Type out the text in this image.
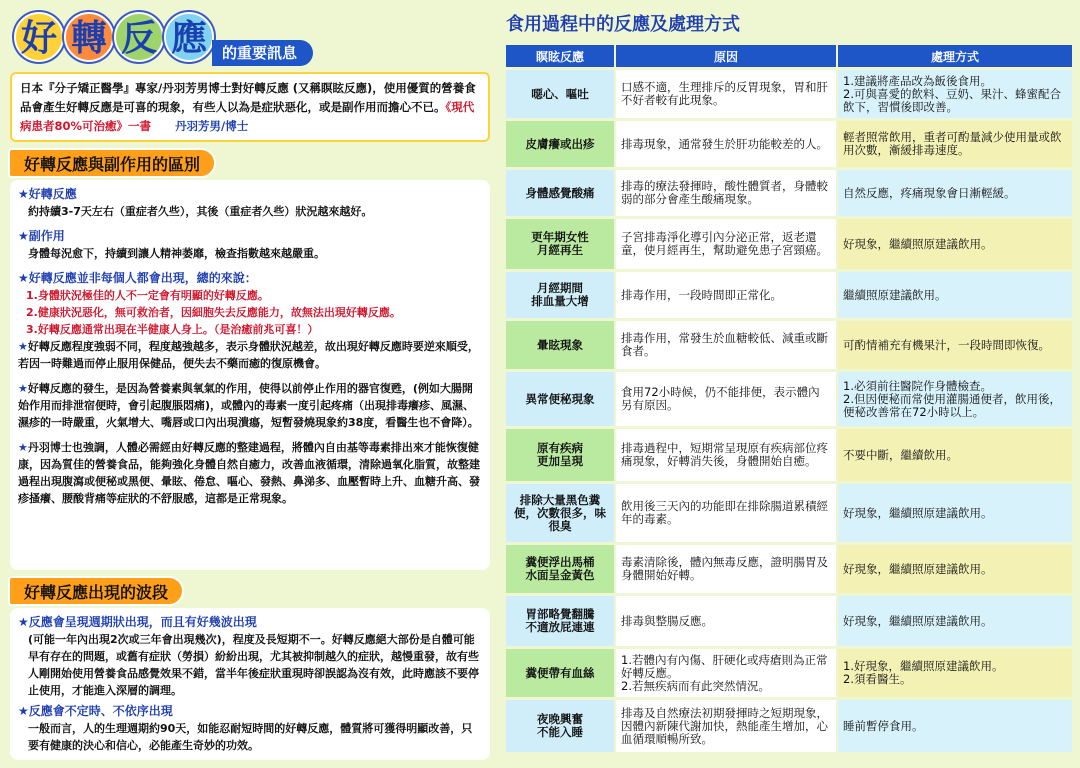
好 轉 反 應	的重要訊息
日本『分子矯正醫學』專家/丹羽芳男博士對好轉反應 (又稱瞑眩反應)，使用優質的營養食品會產生好轉反應是可喜的現象，有些人以為是症狀惡化，或是副作用而擔心不已。《現代病患者80%可治癒》一書 丹羽芳男/博士
好轉反應與副作用的區別
★好轉反應
約持續3-7天左右（重症者久些），其後（重症者久些）狀況越來越好。
★副作用
身體每況愈下，持續到讓人精神萎靡，檢查指數越來越嚴重。
★好轉反應並非每個人都會出現，總的來說：
1.身體狀況極佳的人不一定會有明顯的好轉反應。
2.健康狀況惡化，無可救治者，因細胞失去反應能力，故無法出現好轉反應。
3.好轉反應通常出現在半健康人身上。（是治癒前兆可喜！）
★好轉反應程度強弱不同，程度越強越多，表示身體狀況越差，故出現好轉反應時要逆來順受，若因一時難過而停止服用保健品，便失去不藥而癒的復原機會。
★好轉反應的發生，是因為營養素與氧氣的作用，使得以前停止作用的器官復甦，(例如大腸開始作用而排泄宿便時，會引起腹脹悶痛)，或體內的毒素一度引起疼痛（出現排毒癢疹、風濕、濕疹的一時嚴重，火氣增大、嘴唇或口內出現潰瘍，短暫發燒現象約38度，看醫生也不會降）。
★丹羽博士也強調，人體必需經由好轉反應的整建過程，將體內自由基等毒素排出來才能恢復健康，因為質佳的營養食品，能夠強化身體自然自癒力，改善血液循環，清除過氧化脂質，故整建過程出現腹瀉或便秘或黑便、暈眩、倦怠、嘔心、發熱、鼻涕多、血壓暫時上升、血糖升高、發疹搔癢、腰酸背痛等症狀的不舒服感，這都是正常現象。
好轉反應出現的波段
★反應會呈現週期狀出現，而且有好幾波出現
(可能一年內出現2次或三年會出現幾次)，程度及長短期不一。好轉反應絕大部份是自體可能早有存在的問題，或舊有症狀（勞損）紛紛出現，尤其被抑制越久的症狀，越慢重發，故有些人剛開始使用營養食品感覺效果不錯，當半年後症狀重現時卻誤認為沒有效，此時應該不要停止使用，才能進入深層的調理。
★反應會不定時、不依序出現
一般而言，人的生理週期約90天，如能忍耐短時間的好轉反應，體質將可獲得明顯改善，只要有健康的決心和信心，必能產生奇妙的功效。
食用過程中的反應及處理方式
瞑眩反應	原因	處理方式
噁心、嘔吐	口感不適，生理排斥的反胃現象，胃和肝不好者較有此現象。	1.建議將產品改為飯後食用。
2.可與喜愛的飲料、豆奶、果汁、蜂蜜配合飲下，習慣後即改善。
皮膚癢或出疹	排毒現象，通常發生於肝功能較差的人。	輕者照常飲用，重者可酌量減少使用量或飲用次數，漸緩排毒速度。
身體感覺酸痛	排毒的療法發揮時，酸性體質者，身體較弱的部分會產生酸痛現象。	自然反應，疼痛現象會日漸輕緩。
更年期女性
月經再生	子宮排毒淨化導引內分泌正常，返老還童，使月經再生，幫助避免患子宮頸癌。	好現象，繼續照原建議飲用。
月經期間
排血量大增	排毒作用，一段時間即正常化。	繼續照原建議飲用。
暈眩現象	排毒作用，常發生於血糖較低、減重或斷食者。	可酌情補充有機果汁，一段時間即恢復。
異常便秘現象	食用72小時候，仍不能排便，表示體內另有原因。	1.必須前往醫院作身體檢查。
2.但因便秘而常使用灌腸通便者，飲用後，便秘改善常在72小時以上。
原有疾病
更加呈現	排毒過程中，短期常呈現原有疾病部位疼痛現象，好轉消失後，身體開始自癒。	不要中斷，繼續飲用。
排除大量黑色糞便，次數很多，味很臭	飲用後三天內的功能即在排除腸道累積經年的毒素。	好現象，繼續照原建議飲用。
糞便浮出馬桶
水面呈金黃色	毒素清除後，體內無毒反應，證明腸胃及身體開始好轉。	好現象，繼續照原建議飲用。
胃部略覺翻騰
不適放屁連連	排毒與整腸反應。	好現象，繼續照原建議飲用。
糞便帶有血絲	1.若體內有內傷、肝硬化或痔瘡則為正常好轉反應。
2.若無疾病而有此突然情況。	1.好現象，繼續照原建議飲用。
2.須看醫生。
夜晚興奮
不能入睡	排毒及自然療法初期發揮時之短期現象，因體內新陳代謝加快，熱能產生增加，心血循環順暢所致。	睡前暫停食用。
